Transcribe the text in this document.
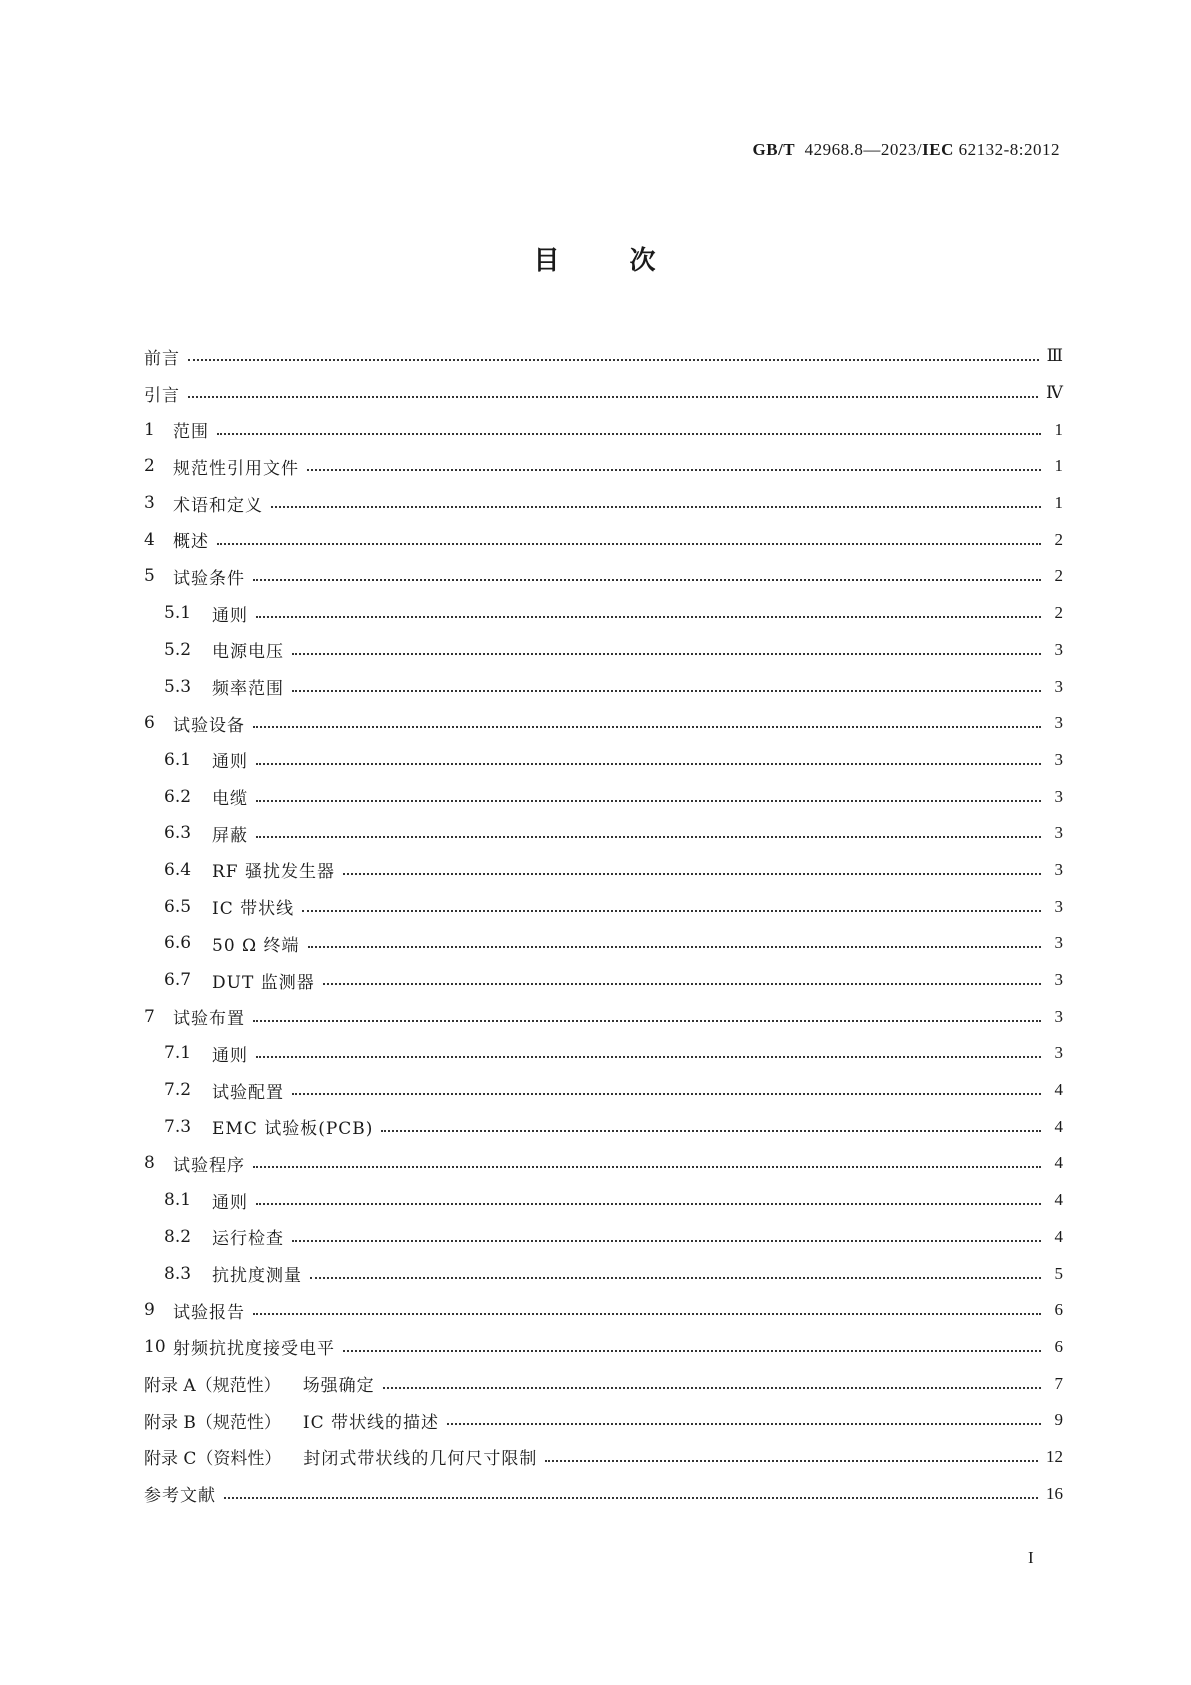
GB/T 42968.8—2023/IEC 62132-8:2012
目	次
前言	Ⅲ
引言	Ⅳ
1	范围	1
2	规范性引用文件	1
3	术语和定义	1
4	概述	2
5	试验条件	2
5.1	通则	2
5.2	电源电压	3
5.3	频率范围	3
6	试验设备	3
6.1	通则	3
6.2	电缆	3
6.3	屏蔽	3
6.4	RF 骚扰发生器	3
6.5	IC 带状线	3
6.6	50 Ω 终端	3
6.7	DUT 监测器	3
7	试验布置	3
7.1	通则	3
7.2	试验配置	4
7.3	EMC 试验板(PCB)	4
8	试验程序	4
8.1	通则	4
8.2	运行检查	4
8.3	抗扰度测量	5
9	试验报告	6
10 射频抗扰度接受电平	6
附录 A（规范性） 场强确定	7
附录 B（规范性） IC 带状线的描述	9
附录 C（资料性） 封闭式带状线的几何尺寸限制	12
参考文献	16
I
